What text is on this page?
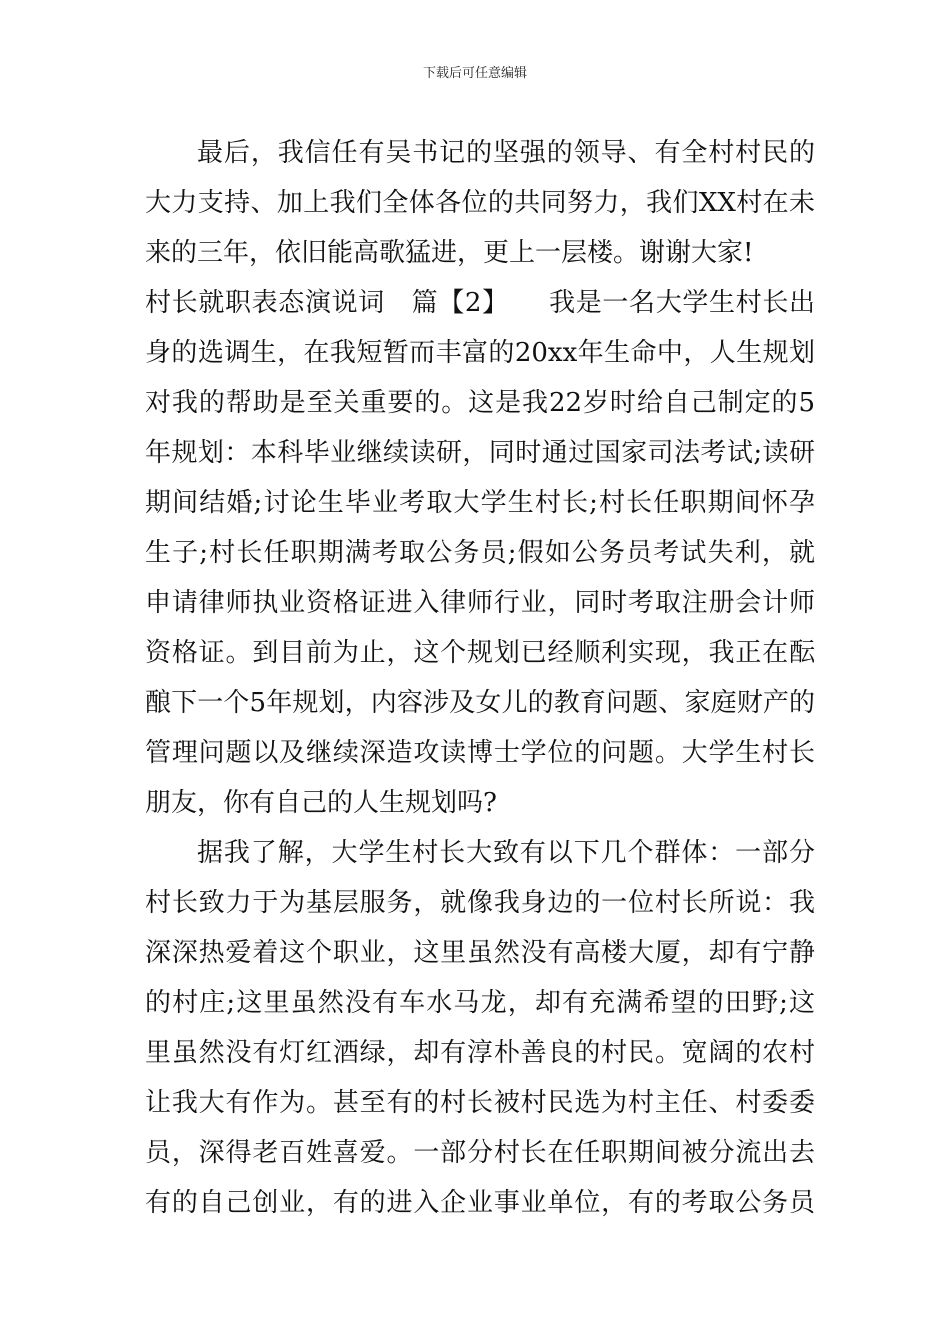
下载后可任意编辑
最后，我信任有吴书记的坚强的领导、有全村村民的
大力支持、加上我们全体各位的共同努力，我们XX村在未
来的三年，依旧能高歌猛进，更上一层楼。谢谢大家!
村长就职表态演说词　篇【2】　　我是一名大学生村长出
身的选调生，在我短暂而丰富的20xx年生命中，人生规划
对我的帮助是至关重要的。这是我22岁时给自己制定的5
年规划：本科毕业继续读研，同时通过国家司法考试;读研
期间结婚;讨论生毕业考取大学生村长;村长任职期间怀孕
生子;村长任职期满考取公务员;假如公务员考试失利，就
申请律师执业资格证进入律师行业，同时考取注册会计师
资格证。到目前为止，这个规划已经顺利实现，我正在酝
酿下一个5年规划，内容涉及女儿的教育问题、家庭财产的
管理问题以及继续深造攻读博士学位的问题。大学生村长
朋友，你有自己的人生规划吗?
据我了解，大学生村长大致有以下几个群体：一部分
村长致力于为基层服务，就像我身边的一位村长所说：我
深深热爱着这个职业，这里虽然没有高楼大厦，却有宁静
的村庄;这里虽然没有车水马龙，却有充满希望的田野;这
里虽然没有灯红酒绿，却有淳朴善良的村民。宽阔的农村
让我大有作为。甚至有的村长被村民选为村主任、村委委
员，深得老百姓喜爱。一部分村长在任职期间被分流出去
有的自己创业，有的进入企业事业单位，有的考取公务员
